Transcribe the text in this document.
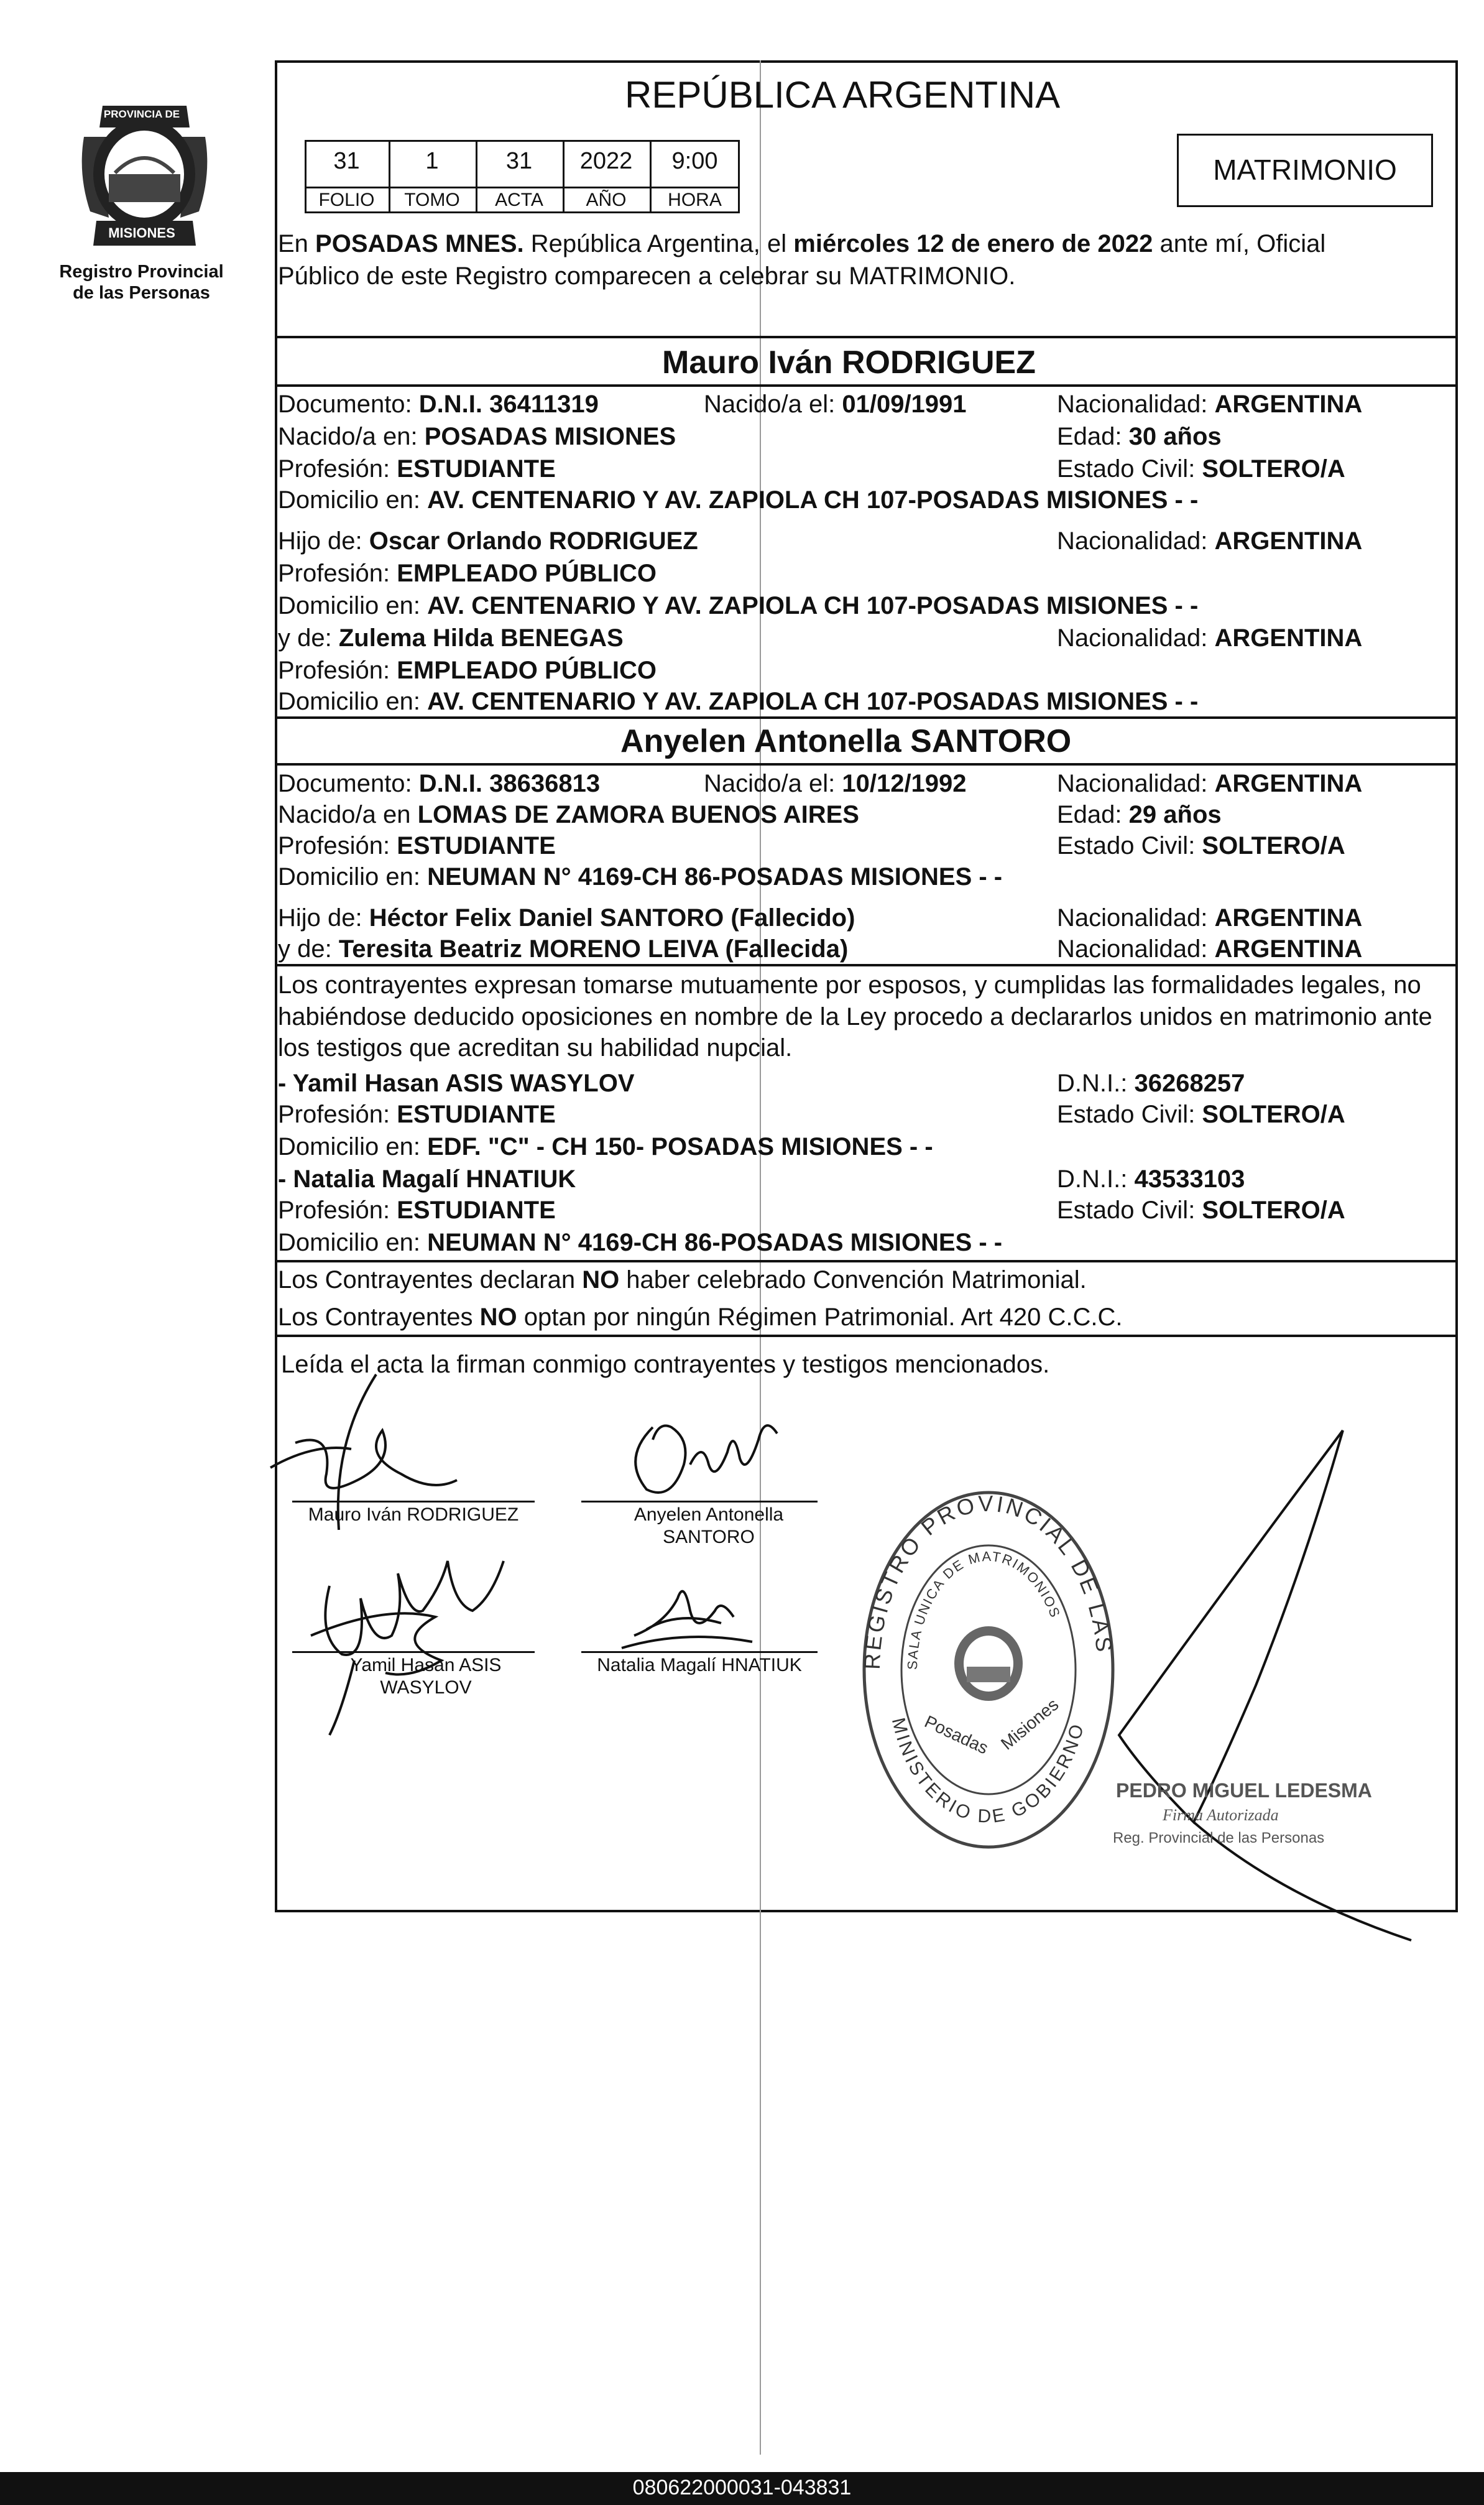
PROVINCIA DE
MISIONES
Registro Provincial
de las Personas
REPÚBLICA ARGENTINA
31	1	31	2022	9:00
FOLIO	TOMO	ACTA	AÑO	HORA
MATRIMONIO
En POSADAS MNES. República Argentina, el miércoles 12 de enero de 2022 ante mí, Oficial
Público de este Registro comparecen a celebrar su MATRIMONIO.
Mauro Iván RODRIGUEZ
Documento: D.N.I. 36411319	Nacido/a el: 01/09/1991	Nacionalidad: ARGENTINA
Nacido/a en: POSADAS MISIONES	Edad: 30 años
Profesión: ESTUDIANTE	Estado Civil: SOLTERO/A
Domicilio en: AV. CENTENARIO Y AV. ZAPIOLA CH 107-POSADAS MISIONES - -
Hijo de: Oscar Orlando RODRIGUEZ	Nacionalidad: ARGENTINA
Profesión: EMPLEADO PÚBLICO
Domicilio en: AV. CENTENARIO Y AV. ZAPIOLA CH 107-POSADAS MISIONES - -
y de: Zulema Hilda BENEGAS	Nacionalidad: ARGENTINA
Profesión: EMPLEADO PÚBLICO
Domicilio en: AV. CENTENARIO Y AV. ZAPIOLA CH 107-POSADAS MISIONES - -
Anyelen Antonella SANTORO
Documento: D.N.I. 38636813	Nacido/a el: 10/12/1992	Nacionalidad: ARGENTINA
Nacido/a en LOMAS DE ZAMORA BUENOS AIRES	Edad: 29 años
Profesión: ESTUDIANTE	Estado Civil: SOLTERO/A
Domicilio en: NEUMAN N° 4169-CH 86-POSADAS MISIONES - -
Hijo de: Héctor Felix Daniel SANTORO (Fallecido)	Nacionalidad: ARGENTINA
y de: Teresita Beatriz MORENO LEIVA (Fallecida)	Nacionalidad: ARGENTINA
Los contrayentes expresan tomarse mutuamente por esposos, y cumplidas las formalidades legales, no
habiéndose deducido oposiciones en nombre de la Ley procedo a declararlos unidos en matrimonio ante
los testigos que acreditan su habilidad nupcial.
- Yamil Hasan ASIS WASYLOV	D.N.I.: 36268257
Profesión: ESTUDIANTE	Estado Civil: SOLTERO/A
Domicilio en: EDF. "C" - CH 150- POSADAS MISIONES - -
- Natalia Magalí HNATIUK	D.N.I.: 43533103
Profesión: ESTUDIANTE	Estado Civil: SOLTERO/A
Domicilio en: NEUMAN N° 4169-CH 86-POSADAS MISIONES - -
Los Contrayentes declaran NO haber celebrado Convención Matrimonial.
Los Contrayentes NO optan por ningún Régimen Patrimonial. Art 420 C.C.C.
Leída el acta la firman conmigo contrayentes y testigos mencionados.
Mauro Iván RODRIGUEZ	Anyelen Antonella
SANTORO
Yamil Hasan ASIS
WASYLOV
Natalia Magalí HNATIUK	REGISTRO PROVINCIAL DE LAS PERSONAS
SALA UNICA DE MATRIMONIOS
MINISTERIO DE GOBIERNO
Posadas Misiones
PEDRO MIGUEL LEDESMA
Firma Autorizada
Reg. Provincial de las Personas
080622000031-043831
